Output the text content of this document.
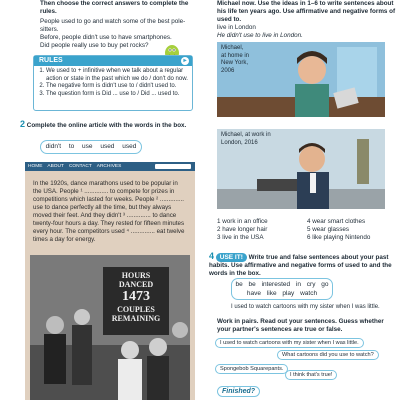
Then choose the correct answers to complete the rules.

People used to go and watch some of the best pole-sitters.

Before, people didn't use to have smartphones.

Did people really use to buy pet rocks?

RULES	▸
1. We used to + infinitive when we talk about a regular action or state in the past which we do / don't do now.
2. The negative form is didn't use to / didn't used to.
3. The question form is Did ... use to / Did ... used to.

2 Complete the online article with the words in the box.

didn't to use used used
HOME ABOUT CONTACT ARCHIVES
In the 1920s, dance marathons used to be popular in the USA. People ¹ .............. to compete for prizes in competitions which lasted for weeks. People ² .............. use to dance perfectly all the time, but they always moved their feet. And they didn't ³ .............. to dance twenty-four hours a day. They rested for fifteen minutes every hour. The competitors used ⁴ .............. eat twelve times a day for energy.
HOURS
DANCED
1473
COUPLES
REMAINING

Michael now. Use the ideas in 1–6 to write sentences about his life ten years ago. Use affirmative and negative forms of used to.

live in London

He didn't use to live in London.

Michael,
at home in
New York,
2006
Michael, at work in
London, 2016
1 work in an office	4 wear smart clothes
2 have longer hair	5 wear glasses
3 live in the USA	6 like playing Nintendo

4 USE IT! Write true and false sentences about your past habits. Use affirmative and negative forms of used to and the words in the box.

be be interested in cry go
have like play watch
I used to watch cartoons with my sister when I was little.

Work in pairs. Read out your sentences. Guess whether your partner's sentences are true or false.

I used to watch cartoons with my sister when I was little.
What cartoons did you use to watch?
Spongebob Squarepants.
I think that's true!
Finished?
